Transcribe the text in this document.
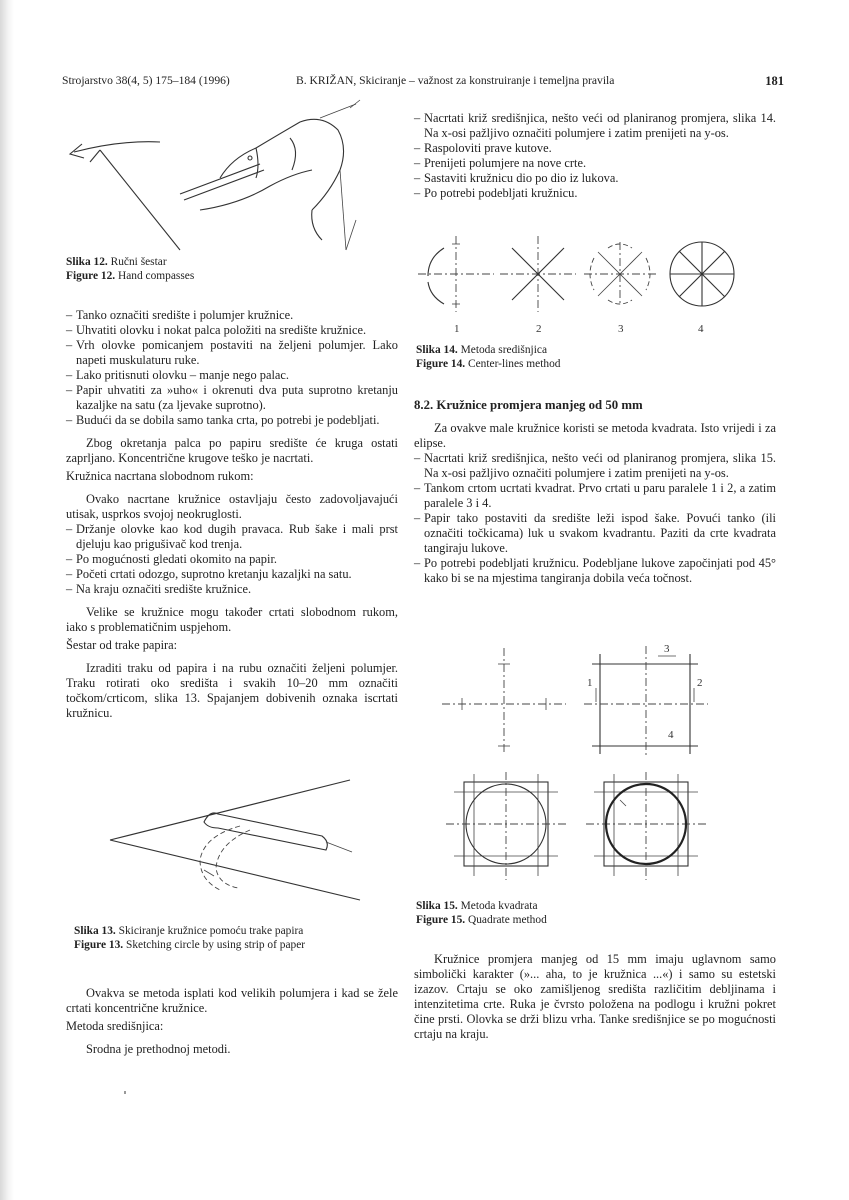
Strojarstvo 38(4, 5) 175–184 (1996)	B. KRIŽAN, Skiciranje – važnost za konstruiranje i temeljna pravila	181
Slika 12. Ručni šestar
Figure 12. Hand compasses
– Tanko označiti središte i polumjer kružnice.
– Uhvatiti olovku i nokat palca položiti na središte kružnice.
– Vrh olovke pomicanjem postaviti na željeni polumjer. Lako napeti muskulaturu ruke.
– Lako pritisnuti olovku – manje nego palac.
– Papir uhvatiti za »uho« i okrenuti dva puta suprotno kretanju kazaljke na satu (za ljevake suprotno).
– Budući da se dobila samo tanka crta, po potrebi je podebljati.

Zbog okretanja palca po papiru središte će kruga ostati zaprljano. Koncentrične krugove teško je nacrtati.

Kružnica nacrtana slobodnom rukom:

Ovako nacrtane kružnice ostavljaju često zadovoljavajući utisak, usprkos svojoj neokruglosti.

– Držanje olovke kao kod dugih pravaca. Rub šake i mali prst djeluju kao prigušivač kod trenja.
– Po mogućnosti gledati okomito na papir.
– Početi crtati odozgo, suprotno kretanju kazaljki na satu.
– Na kraju označiti središte kružnice.

Velike se kružnice mogu također crtati slobodnom rukom, iako s problematičnim uspjehom.

Šestar od trake papira:

Izraditi traku od papira i na rubu označiti željeni polumjer. Traku rotirati oko središta i svakih 10–20 mm označiti točkom/crticom, slika 13. Spajanjem dobivenih oznaka iscrtati kružnicu.

Slika 13. Skiciranje kružnice pomoću trake papira
Figure 13. Sketching circle by using strip of paper

Ovakva se metoda isplati kod velikih polumjera i kad se žele crtati koncentrične kružnice.

Metoda središnjica:

Srodna je prethodnoj metodi.

– Nacrtati križ središnjica, nešto veći od planiranog promjera, slika 14. Na x-osi pažljivo označiti polumjere i zatim prenijeti na y-os.
– Raspoloviti prave kutove.
– Prenijeti polumjere na nove crte.
– Sastaviti kružnicu dio po dio iz lukova.
– Po potrebi podebljati kružnicu.
1	2	3	4
Slika 14. Metoda središnjica
Figure 14. Center-lines method

8.2. Kružnice promjera manjeg od 50 mm

Za ovakve male kružnice koristi se metoda kvadrata. Isto vrijedi i za elipse.

– Nacrtati križ središnjica, nešto veći od planiranog promjera, slika 15. Na x-osi pažljivo označiti polumjere i zatim prenijeti na y-os.
– Tankom crtom ucrtati kvadrat. Prvo crtati u paru paralele 1 i 2, a zatim paralele 3 i 4.
– Papir tako postaviti da središte leži ispod šake. Povući tanko (ili označiti točkicama) luk u svakom kvadrantu. Paziti da crte kvadrata tangiraju lukove.
– Po potrebi podebljati kružnicu. Podebljane lukove započinjati pod 45° kako bi se na mjestima tangiranja dobila veća točnost.
1	2
3
4
Slika 15. Metoda kvadrata
Figure 15. Quadrate method

Kružnice promjera manjeg od 15 mm imaju uglavnom samo simbolički karakter (»... aha, to je kružnica ...«) i samo su estetski izazov. Crtaju se oko zamišljenog središta različitim debljinama i intenzitetima crte. Ruka je čvrsto položena na podlogu i kružni pokret čine prsti. Olovka se drži blizu vrha. Tanke središnjice se po mogućnosti crtaju na kraju.
